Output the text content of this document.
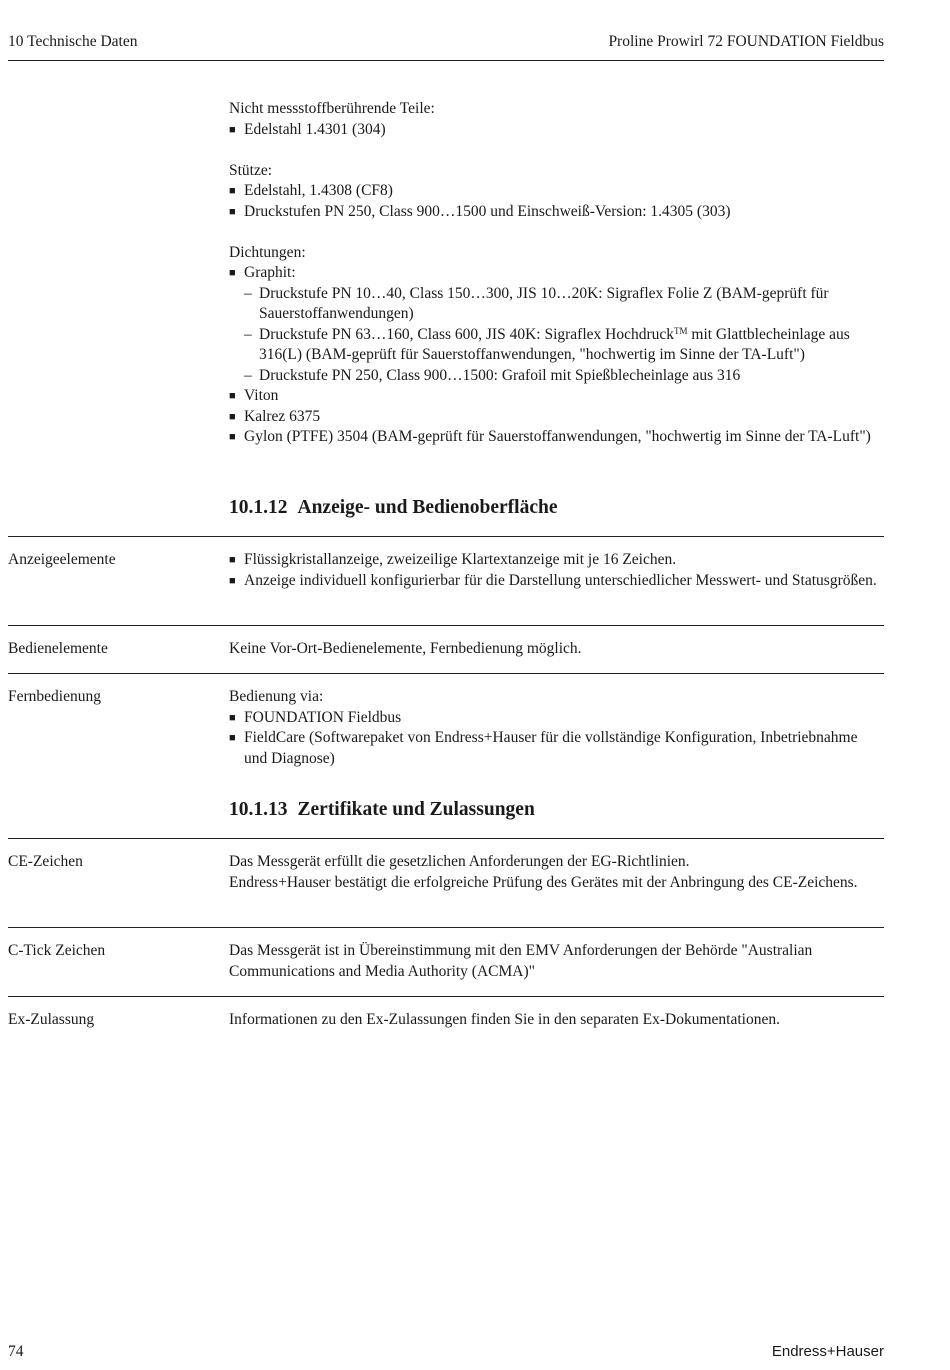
10 Technische Daten	Proline Prowirl 72 FOUNDATION Fieldbus

Nicht messstoffberührende Teile:

■ Edelstahl 1.4301 (304)

Stütze:

■ Edelstahl, 1.4308 (CF8)
■ Druckstufen PN 250, Class 900…1500 und Einschweiß-Version: 1.4305 (303)

Dichtungen:

■ Graphit:
– Druckstufe PN 10…40, Class 150…300, JIS 10…20K: Sigraflex Folie Z (BAM-geprüft für Sauerstoffanwendungen)
– Druckstufe PN 63…160, Class 600, JIS 40K: Sigraflex Hochdruck™ mit Glattblecheinlage aus 316(L) (BAM-geprüft für Sauerstoffanwendungen, "hochwertig im Sinne der TA-Luft")
– Druckstufe PN 250, Class 900…1500: Grafoil mit Spießblecheinlage aus 316
■ Viton
■ Kalrez 6375
■ Gylon (PTFE) 3504 (BAM-geprüft für Sauerstoffanwendungen, "hochwertig im Sinne der TA-Luft")
10.1.12 Anzeige- und Bedienoberfläche
Anzeigeelemente
■	Flüssigkristallanzeige, zweizeilige Klartextanzeige mit je 16 Zeichen.
■ Anzeige individuell konfigurierbar für die Darstellung unterschiedlicher Messwert- und Statusgrößen.
Bedienelemente	Keine Vor-Ort-Bedienelemente, Fernbedienung möglich.
Fernbedienung	Bedienung via:

■ FOUNDATION Fieldbus
■ FieldCare (Softwarepaket von Endress+Hauser für die vollständige Konfiguration, Inbetriebnahme und Diagnose)
10.1.13 Zertifikate und Zulassungen
CE-Zeichen	Das Messgerät erfüllt die gesetzlichen Anforderungen der EG-Richtlinien.

Endress+Hauser bestätigt die erfolgreiche Prüfung des Gerätes mit der Anbringung des CE-Zeichens.

C-Tick Zeichen	Das Messgerät ist in Übereinstimmung mit den EMV Anforderungen der Behörde "Australian Communications and Media Authority (ACMA)"
Ex-Zulassung	Informationen zu den Ex-Zulassungen finden Sie in den separaten Ex-Dokumentationen.
74	Endress+Hauser
